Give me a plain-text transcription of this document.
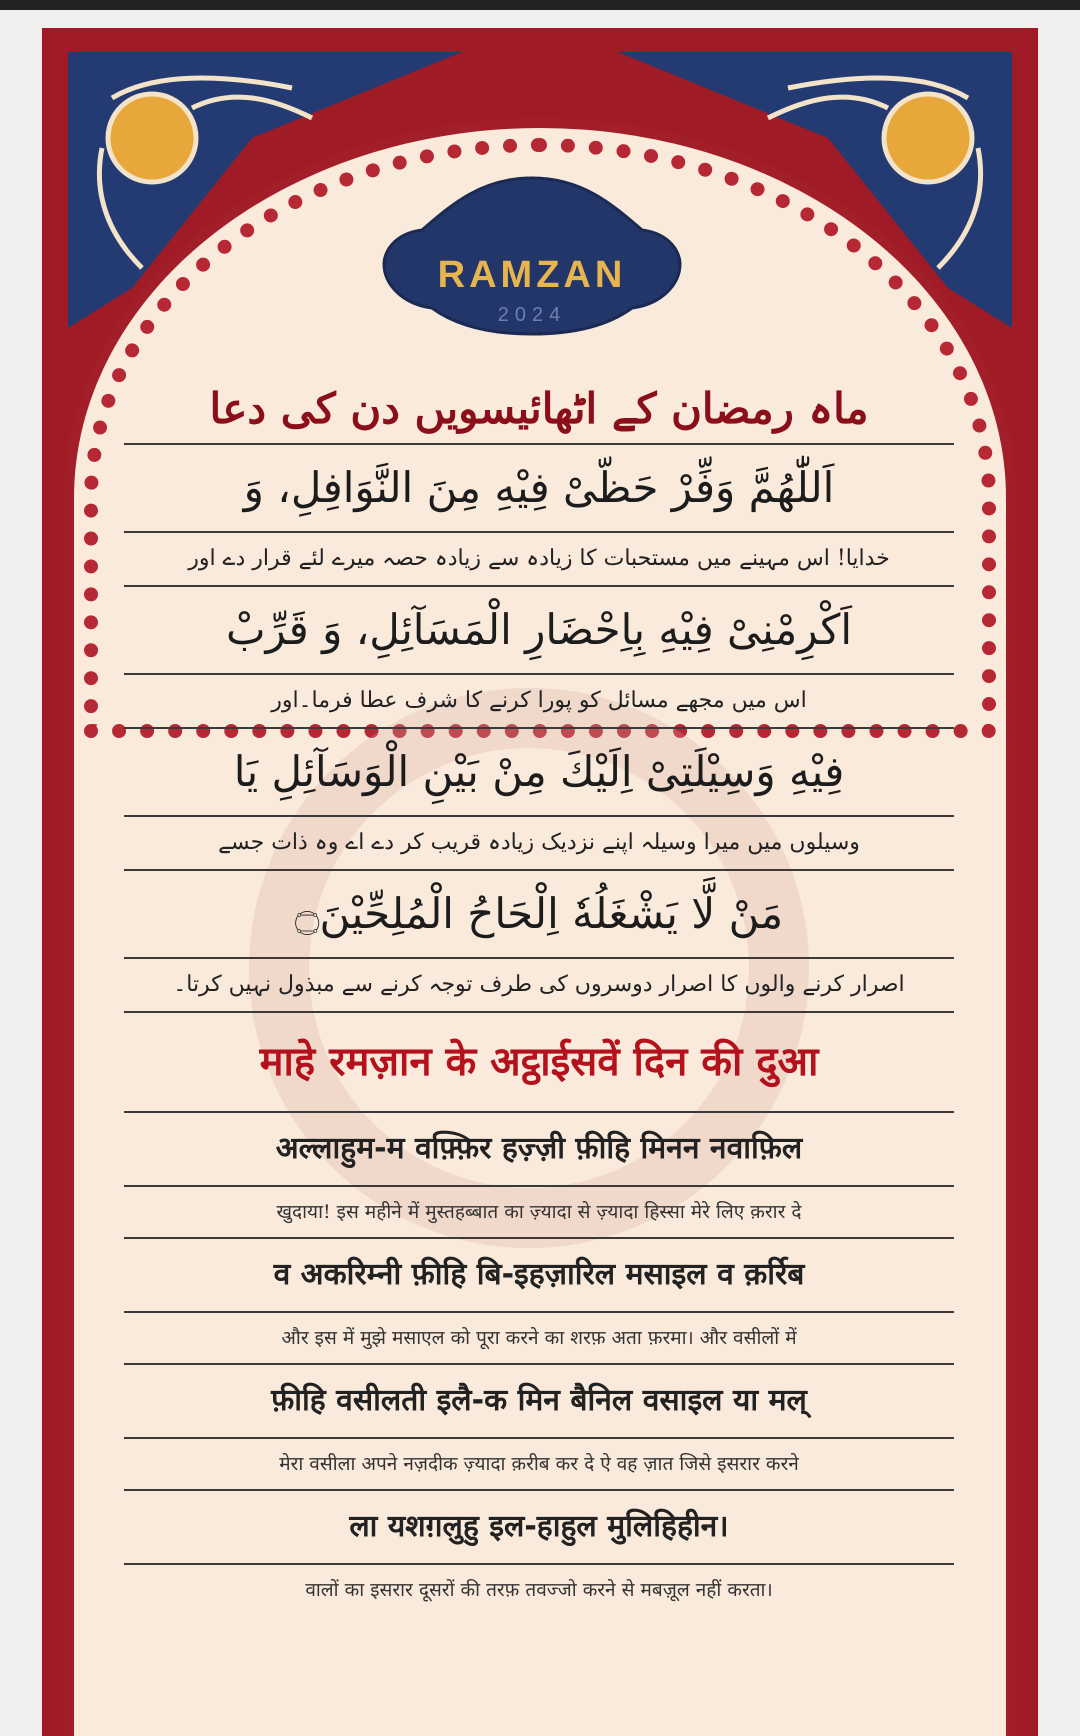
RAMZAN
2024
ماہ رمضان کے اٹھائیسویں دن کی دعا
اَللّٰهُمَّ وَفِّرْ حَظّیْ فِیْهِ مِنَ النَّوَافِلِ، وَ
خدایا! اس مہینے میں مستحبات کا زیادہ سے زیادہ حصہ میرے لئے قرار دے اور
اَکْرِمْنِیْ فِیْهِ بِاِحْضَارِ الْمَسَآئِلِ، وَ قَرِّبْ
اس میں مجھے مسائل کو پورا کرنے کا شرف عطا فرما۔اور
فِیْهِ وَسِیْلَتِیْ اِلَیْكَ مِنْ بَیْنِ الْوَسَآئِلِ یَا
وسیلوں میں میرا وسیلہ اپنے نزدیک زیادہ قریب کر دے اے وہ ذات جسے
مَنْ لَّا یَشْغَلُهٗ اِلْحَاحُ الْمُلِحِّیْنَ۝
اصرار کرنے والوں کا اصرار دوسروں کی طرف توجہ کرنے سے مبذول نہیں کرتا۔
माहे रमज़ान के अट्ठाईसवें दिन की दुआ
अल्लाहुम-म वफ़्फ़िर हज़्ज़ी फ़ीहि मिनन नवाफ़िल
खुदाया! इस महीने में मुस्तहब्बात का ज़्यादा से ज़्यादा हिस्सा मेरे लिए क़रार दे
व अकरिम्नी फ़ीहि बि-इहज़ारिल मसाइल व क़र्रिब
और इस में मुझे मसाएल को पूरा करने का शरफ़ अता फ़रमा। और वसीलों में
फ़ीहि वसीलती इलै-क मिन बैनिल वसाइल या मल्
मेरा वसीला अपने नज़दीक ज़्यादा क़रीब कर दे ऐ वह ज़ात जिसे इसरार करने
ला यशग़लुहु इल-हाहुल मुलिहिहीन।
वालों का इसरार दूसरों की तरफ़ तवज्जो करने से मबज़ूल नहीं करता।
